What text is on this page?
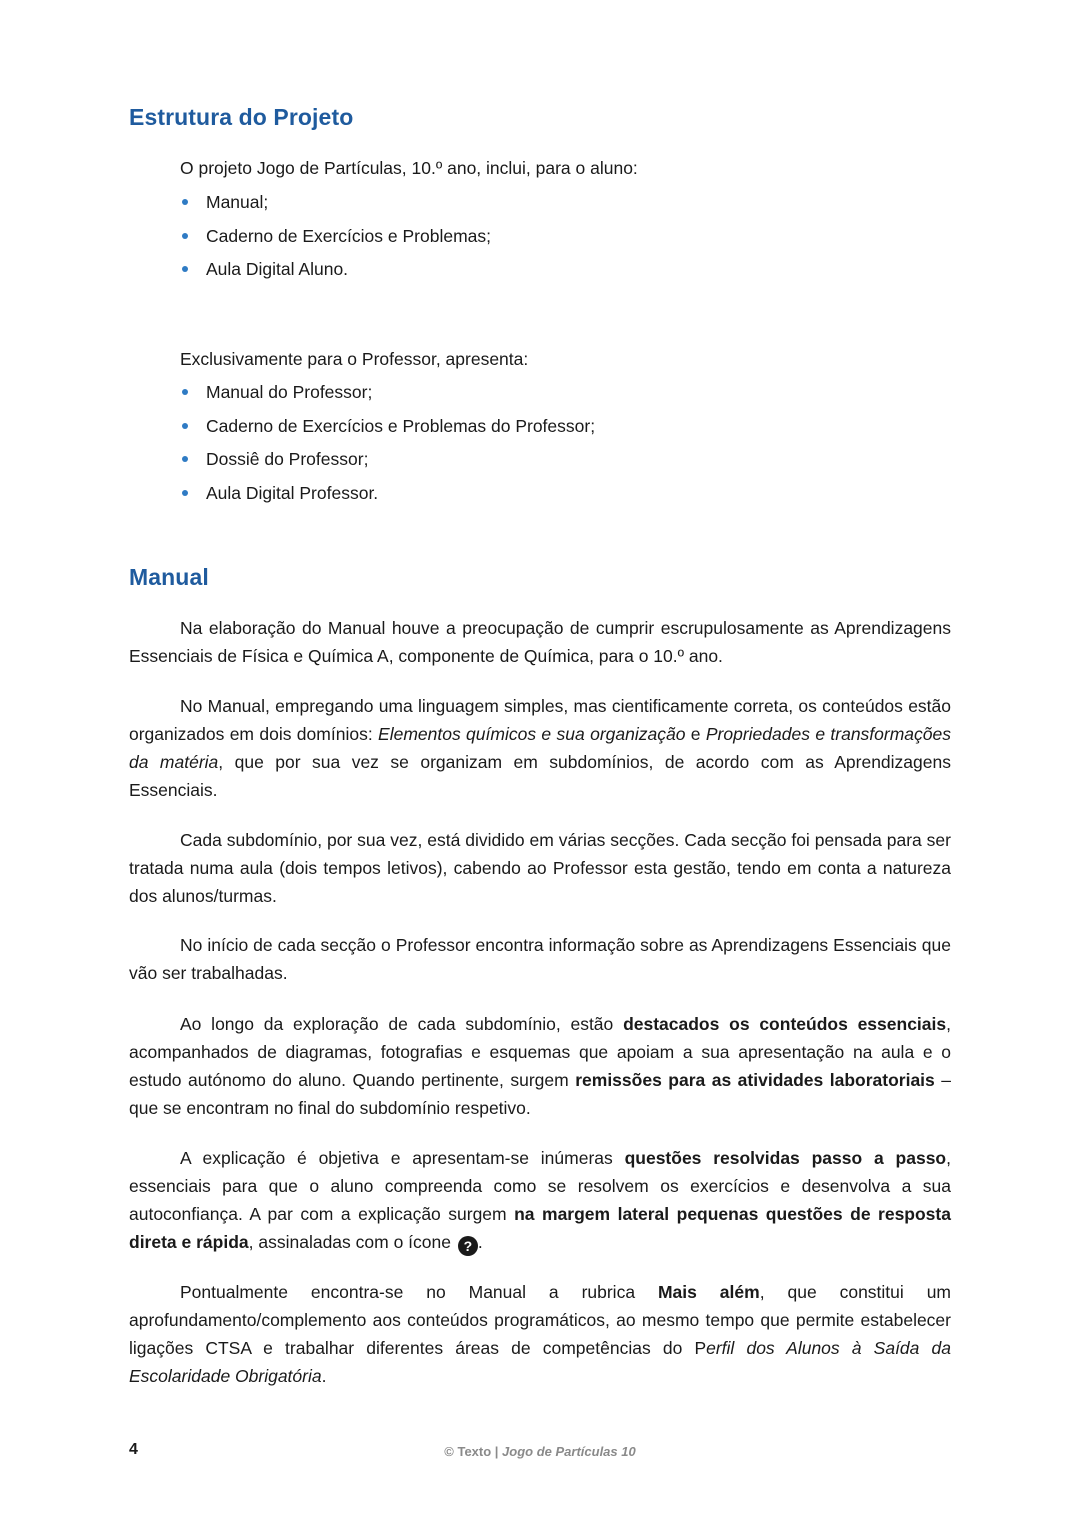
Estrutura do Projeto

O projeto Jogo de Partículas, 10.º ano, inclui, para o aluno:

Manual;
Caderno de Exercícios e Problemas;
Aula Digital Aluno.

Exclusivamente para o Professor, apresenta:

Manual do Professor;
Caderno de Exercícios e Problemas do Professor;
Dossiê do Professor;
Aula Digital Professor.
Manual

Na elaboração do Manual houve a preocupação de cumprir escrupulosamente as Aprendizagens Essenciais de Física e Química A, componente de Química, para o 10.º ano.

No Manual, empregando uma linguagem simples, mas cientificamente correta, os conteúdos estão organizados em dois domínios: Elementos químicos e sua organização e Propriedades e transformações da matéria, que por sua vez se organizam em subdomínios, de acordo com as Aprendizagens Essenciais.

Cada subdomínio, por sua vez, está dividido em várias secções. Cada secção foi pensada para ser tratada numa aula (dois tempos letivos), cabendo ao Professor esta gestão, tendo em conta a natureza dos alunos/turmas.

No início de cada secção o Professor encontra informação sobre as Aprendizagens Essenciais que vão ser trabalhadas.

Ao longo da exploração de cada subdomínio, estão destacados os conteúdos essenciais, acompanhados de diagramas, fotografias e esquemas que apoiam a sua apresentação na aula e o estudo autónomo do aluno. Quando pertinente, surgem remissões para as atividades laboratoriais – que se encontram no final do subdomínio respetivo.

A explicação é objetiva e apresentam-se inúmeras questões resolvidas passo a passo, essenciais para que o aluno compreenda como se resolvem os exercícios e desenvolva a sua autoconfiança. A par com a explicação surgem na margem lateral pequenas questões de resposta direta e rápida, assinaladas com o ícone ? .

Pontualmente encontra-se no Manual a rubrica Mais além, que constitui um aprofundamento/complemento aos conteúdos programáticos, ao mesmo tempo que permite estabelecer ligações CTSA e trabalhar diferentes áreas de competências do Perfil dos Alunos à Saída da Escolaridade Obrigatória.

4	© Texto | Jogo de Partículas 10
